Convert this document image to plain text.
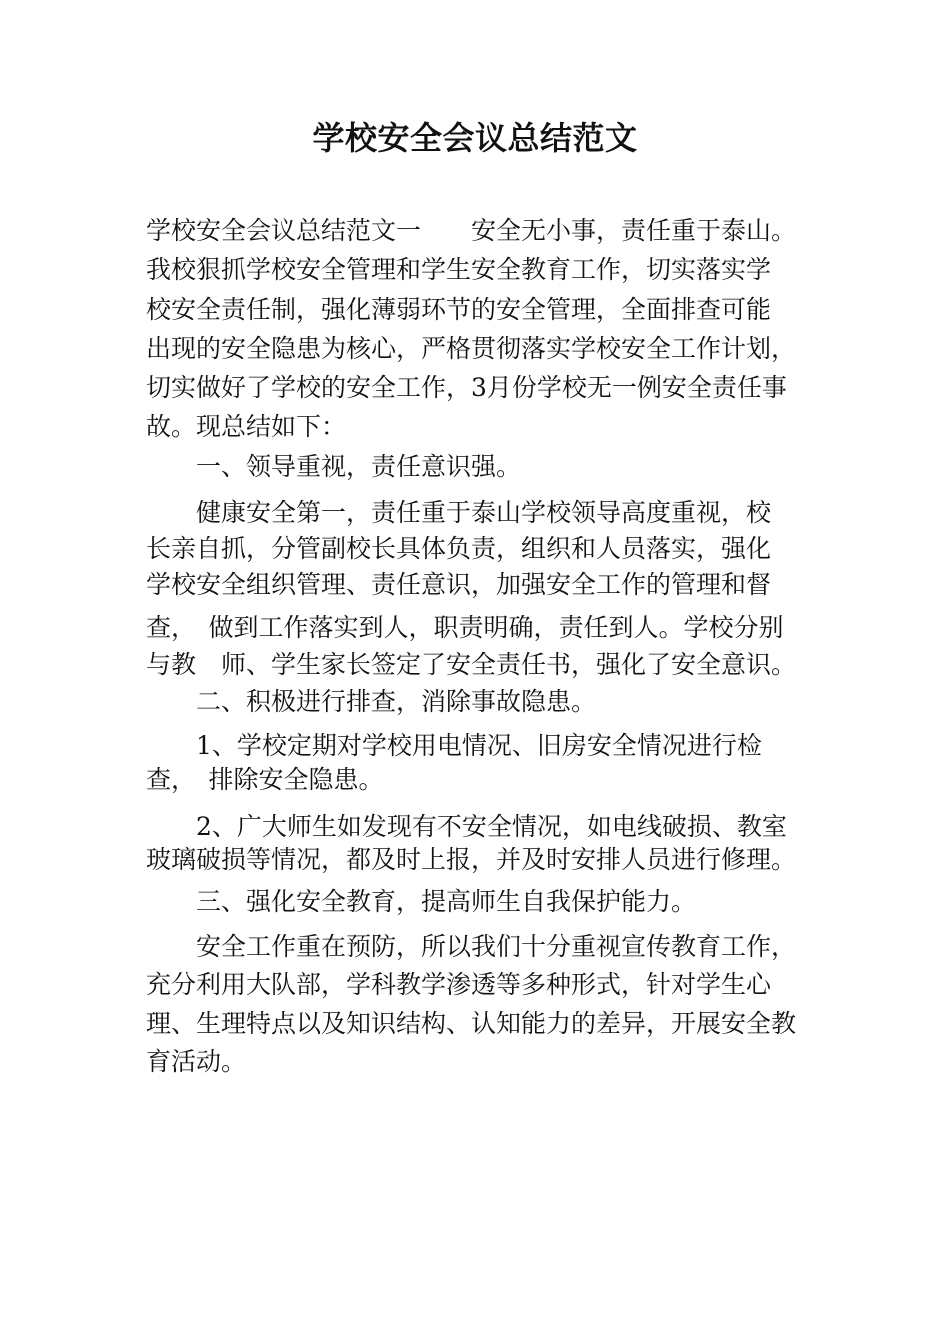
学校安全会议总结范文
学校安全会议总结范文一　　安全无小事，责任重于泰山。
我校狠抓学校安全管理和学生安全教育工作，切实落实学
校安全责任制，强化薄弱环节的安全管理，全面排查可能
出现的安全隐患为核心，严格贯彻落实学校安全工作计划，
切实做好了学校的安全工作，3月份学校无一例安全责任事
故。现总结如下：
　　一、领导重视，责任意识强。
　　健康安全第一，责任重于泰山学校领导高度重视，校
长亲自抓，分管副校长具体负责，组织和人员落实，强化
学校安全组织管理、责任意识，加强安全工作的管理和督
查，　做到工作落实到人，职责明确，责任到人。学校分别
与教　师、学生家长签定了安全责任书，强化了安全意识。
　　二、积极进行排查，消除事故隐患。
　　1、学校定期对学校用电情况、旧房安全情况进行检
查，　排除安全隐患。
　　2、广大师生如发现有不安全情况，如电线破损、教室
玻璃破损等情况，都及时上报，并及时安排人员进行修理。
　　三、强化安全教育，提高师生自我保护能力。
　　安全工作重在预防，所以我们十分重视宣传教育工作，
充分利用大队部，学科教学渗透等多种形式，针对学生心
理、生理特点以及知识结构、认知能力的差异，开展安全教
育活动。
